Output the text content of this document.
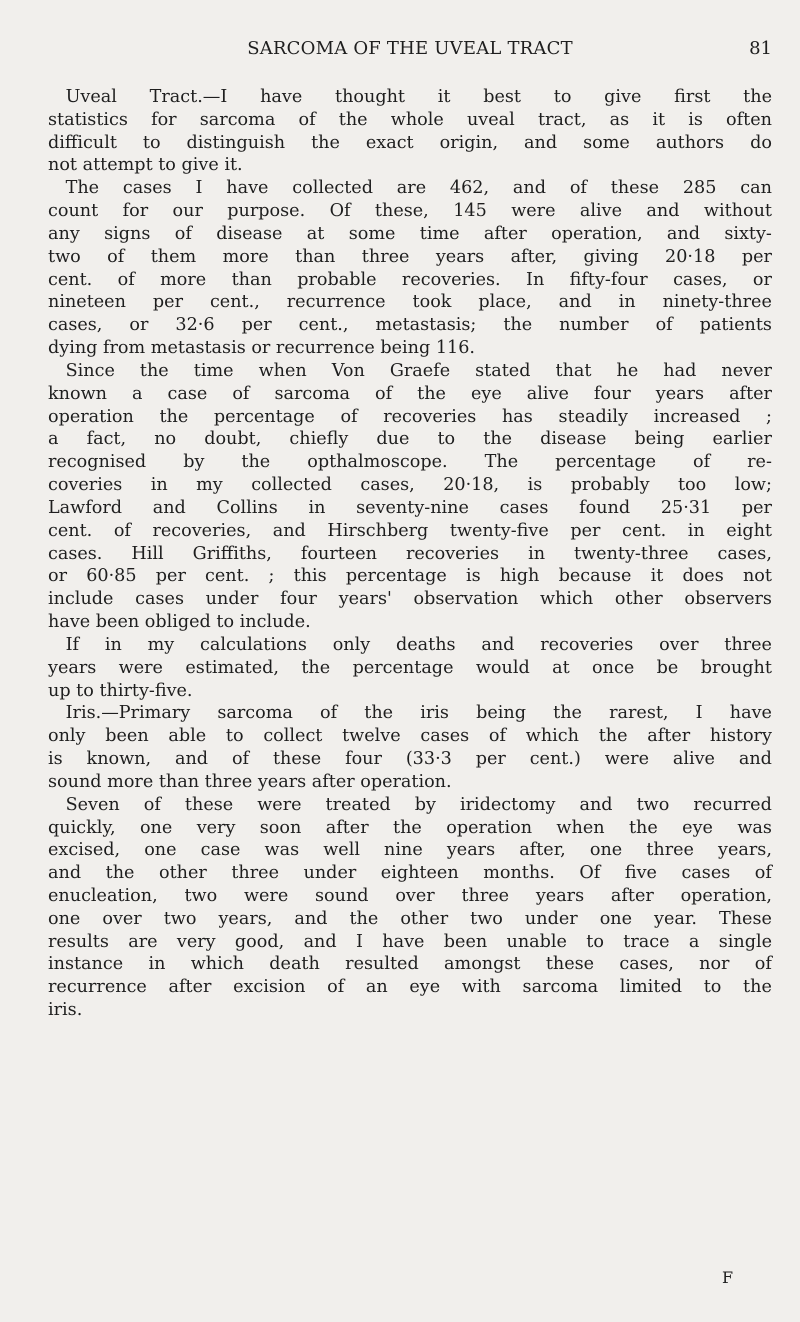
SARCOMA OF THE UVEAL TRACT	81
Uveal Tract.—I have thought it best to give first the
statistics for sarcoma of the whole uveal tract, as it is often
difficult to distinguish the exact origin, and some authors do
not attempt to give it.
The cases I have collected are 462, and of these 285 can
count for our purpose. Of these, 145 were alive and without
any signs of disease at some time after operation, and sixty-
two of them more than three years after, giving 20·18 per
cent. of more than probable recoveries. In fifty-four cases, or
nineteen per cent., recurrence took place, and in ninety-three
cases, or 32·6 per cent., metastasis; the number of patients
dying from metastasis or recurrence being 116.
Since the time when Von Graefe stated that he had never
known a case of sarcoma of the eye alive four years after
operation the percentage of recoveries has steadily increased ;
a fact, no doubt, chiefly due to the disease being earlier
recognised by the opthalmoscope. The percentage of re-
coveries in my collected cases, 20·18, is probably too low;
Lawford and Collins in seventy-nine cases found 25·31 per
cent. of recoveries, and Hirschberg twenty-five per cent. in eight
cases. Hill Griffiths, fourteen recoveries in twenty-three cases,
or 60·85 per cent. ; this percentage is high because it does not
include cases under four years' observation which other observers
have been obliged to include.
If in my calculations only deaths and recoveries over three
years were estimated, the percentage would at once be brought
up to thirty-five.
Iris.—Primary sarcoma of the iris being the rarest, I have
only been able to collect twelve cases of which the after history
is known, and of these four (33·3 per cent.) were alive and
sound more than three years after operation.
Seven of these were treated by iridectomy and two recurred
quickly, one very soon after the operation when the eye was
excised, one case was well nine years after, one three years,
and the other three under eighteen months. Of five cases of
enucleation, two were sound over three years after operation,
one over two years, and the other two under one year. These
results are very good, and I have been unable to trace a single
instance in which death resulted amongst these cases, nor of
recurrence after excision of an eye with sarcoma limited to the
iris.
F
